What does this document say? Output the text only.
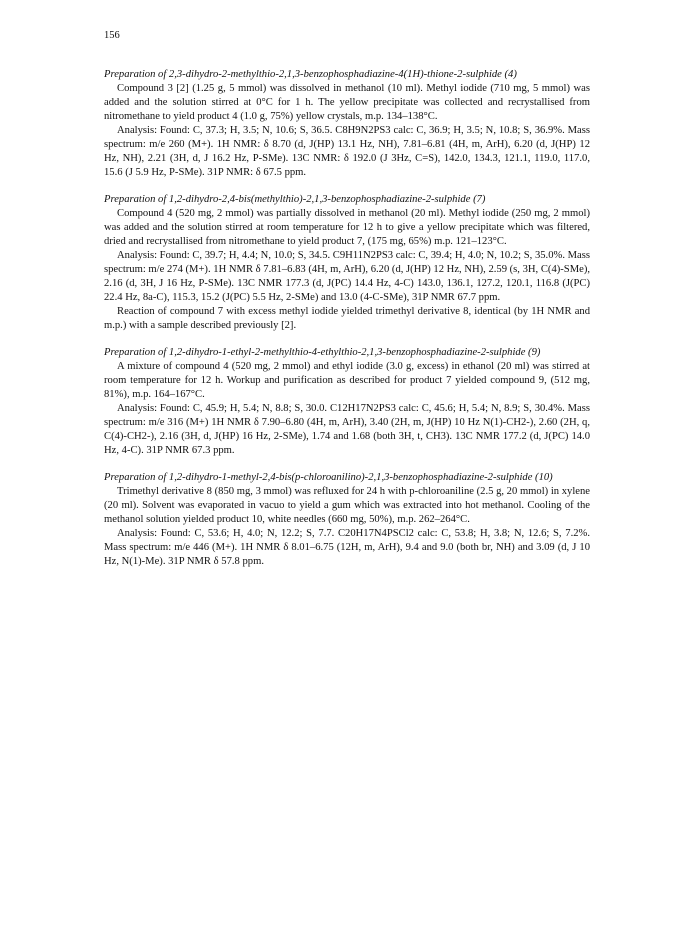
156

Preparation of 2,3-dihydro-2-methylthio-2,1,3-benzophosphadiazine-4(1H)-thione-2-sulphide (4)

Compound 3 [2] (1.25 g, 5 mmol) was dissolved in methanol (10 ml). Methyl iodide (710 mg, 5 mmol) was added and the solution stirred at 0°C for 1 h. The yellow precipitate was collected and recrystallised from nitromethane to yield product 4 (1.0 g, 75%) yellow crystals, m.p. 134–138°C.

Analysis: Found: C, 37.3; H, 3.5; N, 10.6; S, 36.5. C8H9N2PS3 calc: C, 36.9; H, 3.5; N, 10.8; S, 36.9%. Mass spectrum: m/e 260 (M+). 1H NMR: δ 8.70 (d, J(HP) 13.1 Hz, NH), 7.81–6.81 (4H, m, ArH), 6.20 (d, J(HP) 12 Hz, NH), 2.21 (3H, d, J 16.2 Hz, P-SMe). 13C NMR: δ 192.0 (J 3Hz, C=S), 142.0, 134.3, 121.1, 119.0, 117.0, 15.6 (J 5.9 Hz, P-SMe). 31P NMR: δ 67.5 ppm.

Preparation of 1,2-dihydro-2,4-bis(methylthio)-2,1,3-benzophosphadiazine-2-sulphide (7)

Compound 4 (520 mg, 2 mmol) was partially dissolved in methanol (20 ml). Methyl iodide (250 mg, 2 mmol) was added and the solution stirred at room temperature for 12 h to give a yellow precipitate which was filtered, dried and recrystallised from nitromethane to yield product 7, (175 mg, 65%) m.p. 121–123°C.

Analysis: Found: C, 39.7; H, 4.4; N, 10.0; S, 34.5. C9H11N2PS3 calc: C, 39.4; H, 4.0; N, 10.2; S, 35.0%. Mass spectrum: m/e 274 (M+). 1H NMR δ 7.81–6.83 (4H, m, ArH), 6.20 (d, J(HP) 12 Hz, NH), 2.59 (s, 3H, C(4)-SMe), 2.16 (d, 3H, J 16 Hz, P-SMe). 13C NMR 177.3 (d, J(PC) 14.4 Hz, 4-C) 143.0, 136.1, 127.2, 120.1, 116.8 (J(PC) 22.4 Hz, 8a-C), 115.3, 15.2 (J(PC) 5.5 Hz, 2-SMe) and 13.0 (4-C-SMe), 31P NMR 67.7 ppm.

Reaction of compound 7 with excess methyl iodide yielded trimethyl derivative 8, identical (by 1H NMR and m.p.) with a sample described previously [2].

Preparation of 1,2-dihydro-1-ethyl-2-methylthio-4-ethylthio-2,1,3-benzophosphadiazine-2-sulphide (9)

A mixture of compound 4 (520 mg, 2 mmol) and ethyl iodide (3.0 g, excess) in ethanol (20 ml) was stirred at room temperature for 12 h. Workup and purification as described for product 7 yielded compound 9, (512 mg, 81%), m.p. 164–167°C.

Analysis: Found: C, 45.9; H, 5.4; N, 8.8; S, 30.0. C12H17N2PS3 calc: C, 45.6; H, 5.4; N, 8.9; S, 30.4%. Mass spectrum: m/e 316 (M+) 1H NMR δ 7.90–6.80 (4H, m, ArH), 3.40 (2H, m, J(HP) 10 Hz N(1)-CH2-), 2.60 (2H, q, C(4)-CH2-), 2.16 (3H, d, J(HP) 16 Hz, 2-SMe), 1.74 and 1.68 (both 3H, t, CH3). 13C NMR 177.2 (d, J(PC) 14.0 Hz, 4-C). 31P NMR 67.3 ppm.

Preparation of 1,2-dihydro-1-methyl-2,4-bis(p-chloroanilino)-2,1,3-benzophosphadiazine-2-sulphide (10)

Trimethyl derivative 8 (850 mg, 3 mmol) was refluxed for 24 h with p-chloroaniline (2.5 g, 20 mmol) in xylene (20 ml). Solvent was evaporated in vacuo to yield a gum which was extracted into hot methanol. Cooling of the methanol solution yielded product 10, white needles (660 mg, 50%), m.p. 262–264°C.

Analysis: Found: C, 53.6; H, 4.0; N, 12.2; S, 7.7. C20H17N4PSCl2 calc: C, 53.8; H, 3.8; N, 12.6; S, 7.2%. Mass spectrum: m/e 446 (M+). 1H NMR δ 8.01–6.75 (12H, m, ArH), 9.4 and 9.0 (both br, NH) and 3.09 (d, J 10 Hz, N(1)-Me). 31P NMR δ 57.8 ppm.
